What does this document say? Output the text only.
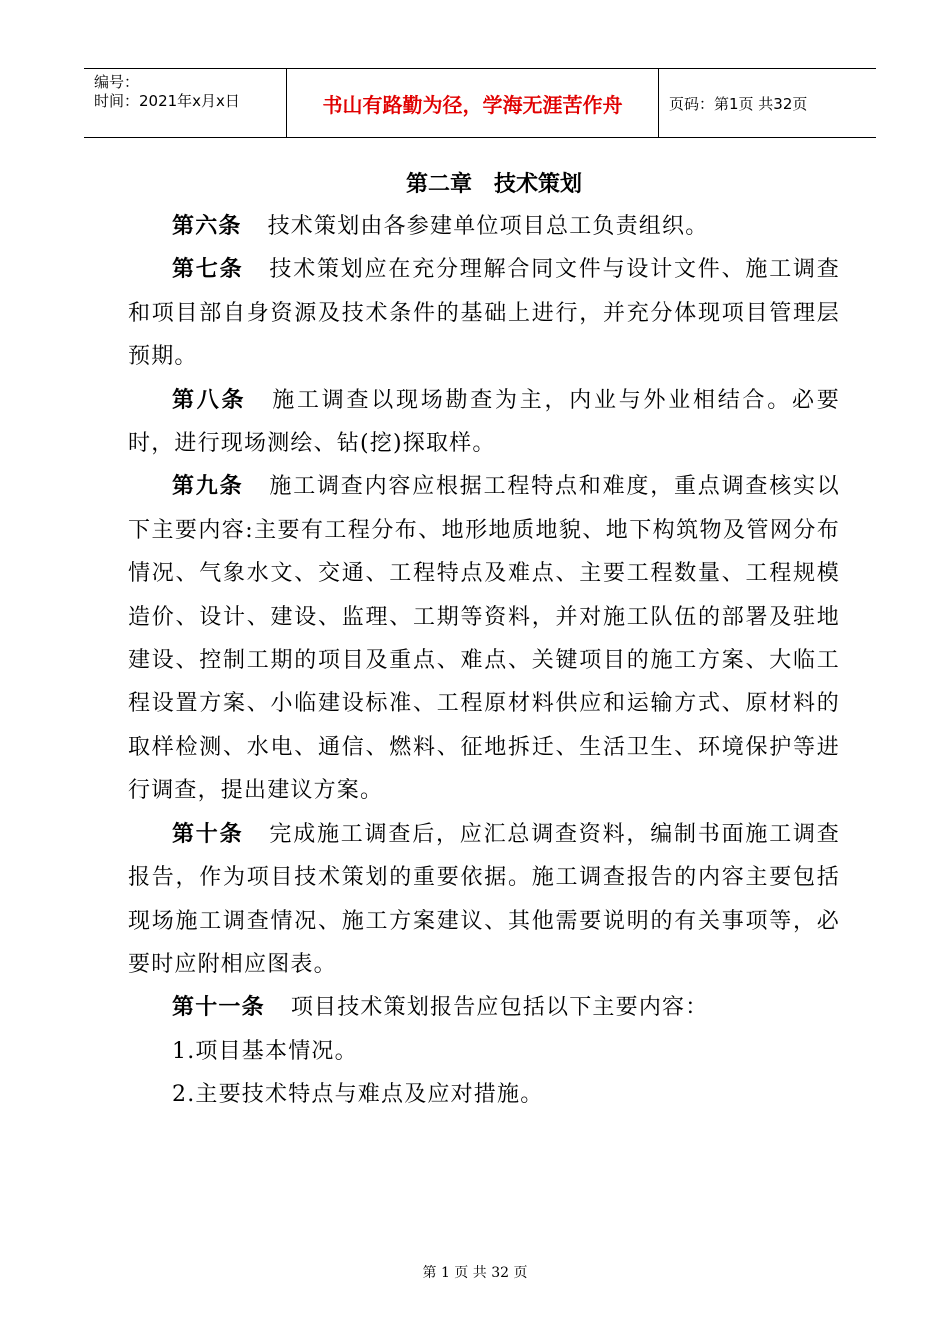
编号：
时间：2021年x月x日	书山有路勤为径，学海无涯苦作舟	页码：第1页 共32页
第二章　技术策划

第六条 技术策划由各参建单位项目总工负责组织。

第七条 技术策划应在充分理解合同文件与设计文件、施工调查和项目部自身资源及技术条件的基础上进行，并充分体现项目管理层预期。

第八条 施工调查以现场勘查为主，内业与外业相结合。必要时，进行现场测绘、钻(挖)探取样。

第九条 施工调查内容应根据工程特点和难度，重点调查核实以下主要内容:主要有工程分布、地形地质地貌、地下构筑物及管网分布情况、气象水文、交通、工程特点及难点、主要工程数量、工程规模造价、设计、建设、监理、工期等资料，并对施工队伍的部署及驻地建设、控制工期的项目及重点、难点、关键项目的施工方案、大临工程设置方案、小临建设标准、工程原材料供应和运输方式、原材料的取样检测、水电、通信、燃料、征地拆迁、生活卫生、环境保护等进行调查，提出建议方案。

第十条 完成施工调查后，应汇总调查资料，编制书面施工调查报告，作为项目技术策划的重要依据。施工调查报告的内容主要包括现场施工调查情况、施工方案建议、其他需要说明的有关事项等，必要时应附相应图表。

第十一条 项目技术策划报告应包括以下主要内容：

1.项目基本情况。

2.主要技术特点与难点及应对措施。

第 1 页 共 32 页
